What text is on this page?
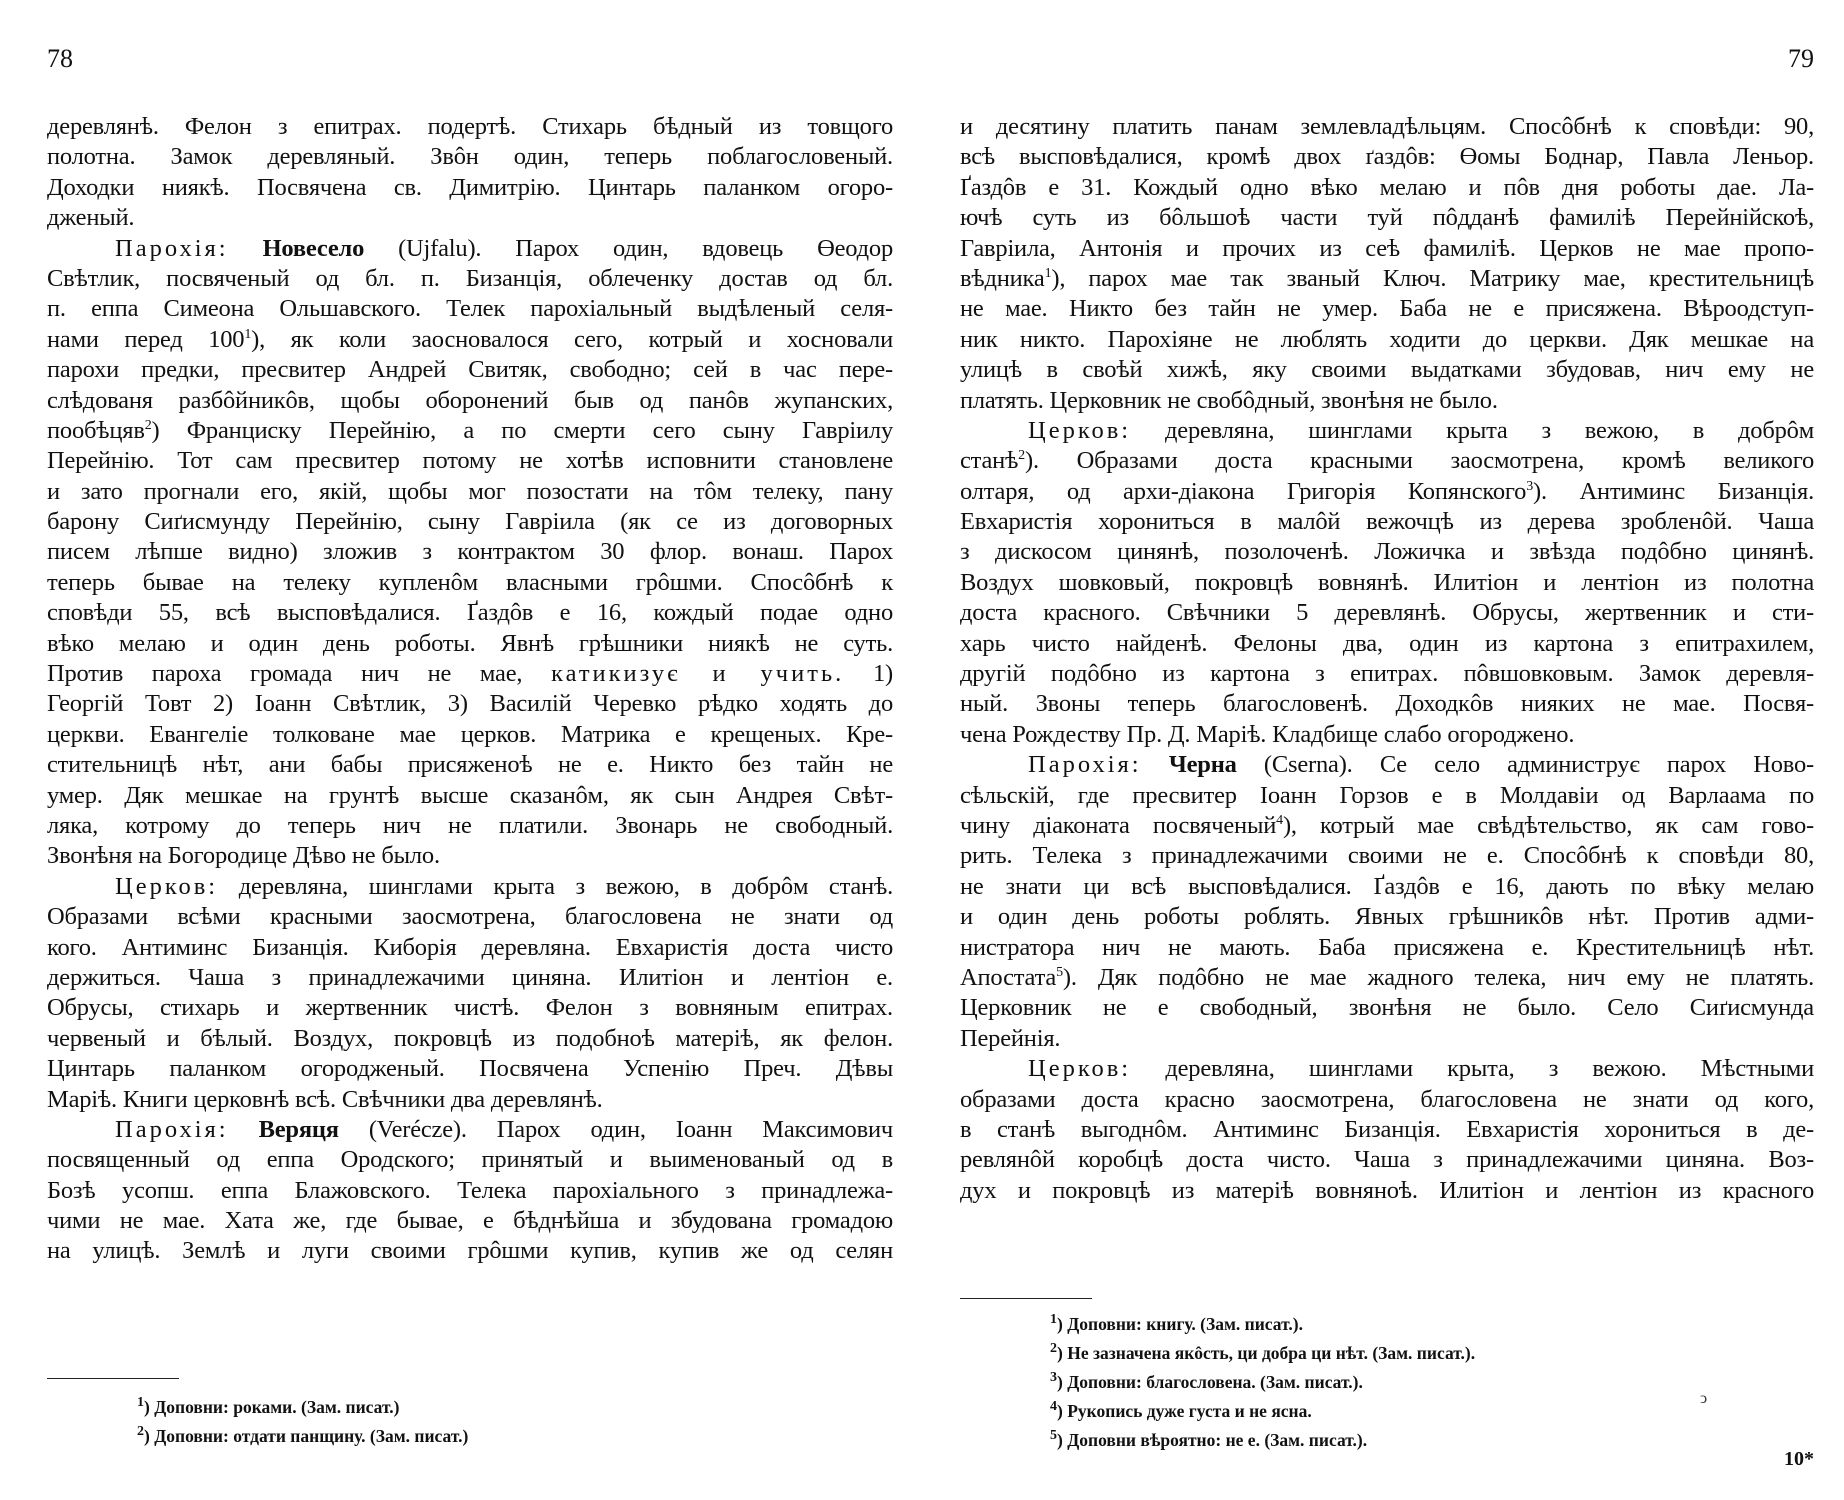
78
деревлянѣ. Фелон з епитрах. подертѣ. Стихарь бѣдный из товщого
полотна. Замок деревляный. Звôн один, теперь поблагословеный.
Доходки ниякѣ. Посвячена св. Димитрію. Цинтарь паланком огоро-
дженый.
Парохія: Новесело (Ujfalu). Парох один, вдовець Өеодор
Свѣтлик, посвяченый од бл. п. Бизанція, облеченку достав од бл.
п. еппа Симеона Ольшавского. Телек парохіальный выдѣленый селя-
нами перед $100^1$), як коли заосновалося сего, котрый и хосновали
парохи предки, пресвитер Андрей Свитяк, свободно; сей в час пере-
слѣдованя разбôйникôв, щобы оборонений быв од панôв жупанских,
пообѣцяв$^2$) Франциску Перейнію, а по смерти сего сыну Гавріилу
Перейнію. Тот сам пресвитер потому не хотѣв исповнити становлене
и зато прогнали его, якій, щобы мог позостати на тôм телеку, пану
барону Сиґисмунду Перейнію, сыну Гавріила (як се из договорных
писем лѣпше видно) зложив з контрактом 30 флор. вонаш. Парох
теперь бывае на телеку купленôм власными грôшми. Спосôбнѣ к
сповѣди 55, всѣ высповѣдалися. Ґаздôв е 16, кождый подае одно
вѣко мелаю и один день роботы. Явнѣ грѣшники ниякѣ не суть.
Против пароха громада нич не мае, катикизує и учить. 1)
Георгій Товт 2) Іоанн Свѣтлик, 3) Василій Черевко рѣдко ходять до
церкви. Евангеліе толковане мае церков. Матрика е крещеных. Кре-
стительницѣ нѣт, ани бабы присяженоѣ не е. Никто без тайн не
умер. Дяк мешкае на грунтѣ высше сказанôм, як сын Андрея Свѣт-
ляка, котрому до теперь нич не платили. Звонарь не свободный.
Звонѣня на Богородице Дѣво не было.
Церков: деревляна, шинглами крыта з вежою, в добрôм станѣ.
Образами всѣми красными заосмотрена, благословена не знати од
кого. Антиминс Бизанція. Киборія деревляна. Евхаристія доста чисто
держиться. Чаша з принадлежачими циняна. Илитіон и лентіон е.
Обрусы, стихарь и жертвенник чистѣ. Фелон з вовняным епитрах.
червеный и бѣлый. Воздух, покровцѣ из подобноѣ матеріѣ, як фелон.
Цинтарь паланком огородженый. Посвячена Успенію Преч. Дѣвы
Маріѣ. Книги церковнѣ всѣ. Свѣчники два деревлянѣ.
Парохія: Веряця (Verécze). Парох один, Іоанн Максимович
посвященный од еппа Ородского; принятый и выименованый од в
Бозѣ усопш. еппа Блажовского. Телека парохіального з принадлежа-
чими не мае. Хата же, где бывае, е бѣднѣйша и збудована громадою
на улицѣ. Землѣ и луги своими грôшми купив, купив же од селян
$^1$) Доповни: роками. (Зам. писат.)
$^2$) Доповни: отдати панщину. (Зам. писат.)
79
и десятину платить панам землевладѣльцям. Спосôбнѣ к сповѣди: 90,
всѣ высповѣдалися, кромѣ двох ґаздôв: Өомы Боднар, Павла Леньор.
Ґаздôв е 31. Кождый одно вѣко мелаю и пôв дня роботы дае. Ла-
ючѣ суть из бôльшоѣ части туй пôдданѣ фамиліѣ Перейнійскоѣ,
Гавріила, Антонія и прочих из сеѣ фамиліѣ. Церков не мае пропо-
вѣдника$^1$), парох мае так званый Ключ. Матрику мае, крестительницѣ
не мае. Никто без тайн не умер. Баба не е присяжена. Вѣроодступ-
ник никто. Парохіяне не люблять ходити до церкви. Дяк мешкае на
улицѣ в своѣй хижѣ, яку своими выдатками збудовав, нич ему не
платять. Церковник не свобôдный, звонѣня не было.
Церков: деревляна, шинглами крыта з вежою, в добрôм
станѣ$^2$). Образами доста красными заосмотрена, кромѣ великого
олтаря, од архи-діакона Григорія Копянского$^3$). Антиминс Бизанція.
Евхаристія хорониться в малôй вежочцѣ из дерева зробленôй. Чаша
з дискосом цинянѣ, позолоченѣ. Ложичка и звѣзда подôбно цинянѣ.
Воздух шовковый, покровцѣ вовнянѣ. Илитіон и лентіон из полотна
доста красного. Свѣчники 5 деревлянѣ. Обрусы, жертвенник и сти-
харь чисто найденѣ. Фелоны два, один из картона з епитрахилем,
другій подôбно из картона з епитрах. пôвшовковым. Замок деревля-
ный. Звоны теперь благословенѣ. Доходкôв нияких не мае. Посвя-
чена Рождеству Пр. Д. Маріѣ. Кладбище слабо огороджено.
Парохія: Черна (Cserna). Се село администрує парох Ново-
сѣльскій, где пресвитер Іоанн Горзов е в Молдавіи од Варлаама по
чину діаконата посвяченый$^4$), котрый мае свѣдѣтельство, як сам гово-
рить. Телека з принадлежачими своими не е. Спосôбнѣ к сповѣди 80,
не знати ци всѣ высповѣдалися. Ґаздôв е 16, дають по вѣку мелаю
и один день роботы роблять. Явных грѣшникôв нѣт. Против адми-
нистратора нич не мають. Баба присяжена е. Крестительницѣ нѣт.
Апостата$^5$). Дяк подôбно не мае жадного телека, нич ему не платять.
Церковник не е свободный, звонѣня не было. Село Сиґисмунда
Перейнія.
Церков: деревляна, шинглами крыта, з вежою. Мѣстными
образами доста красно заосмотрена, благословена не знати од кого,
в станѣ выгоднôм. Антиминс Бизанція. Евхаристія хорониться в де-
ревлянôй коробцѣ доста чисто. Чаша з принадлежачими циняна. Воз-
дух и покровцѣ из матеріѣ вовняноѣ. Илитіон и лентіон из красного
$^1$) Доповни: книгу. (Зам. писат.).
$^2$) Не зазначена якôсть, ци добра ци нѣт. (Зам. писат.).
$^3$) Доповни: благословена. (Зам. писат.).
$^4$) Рукопись дуже густа и не ясна.
$^5$) Доповни вѣроятно: не е. (Зам. писат.).
ↄ
10*
